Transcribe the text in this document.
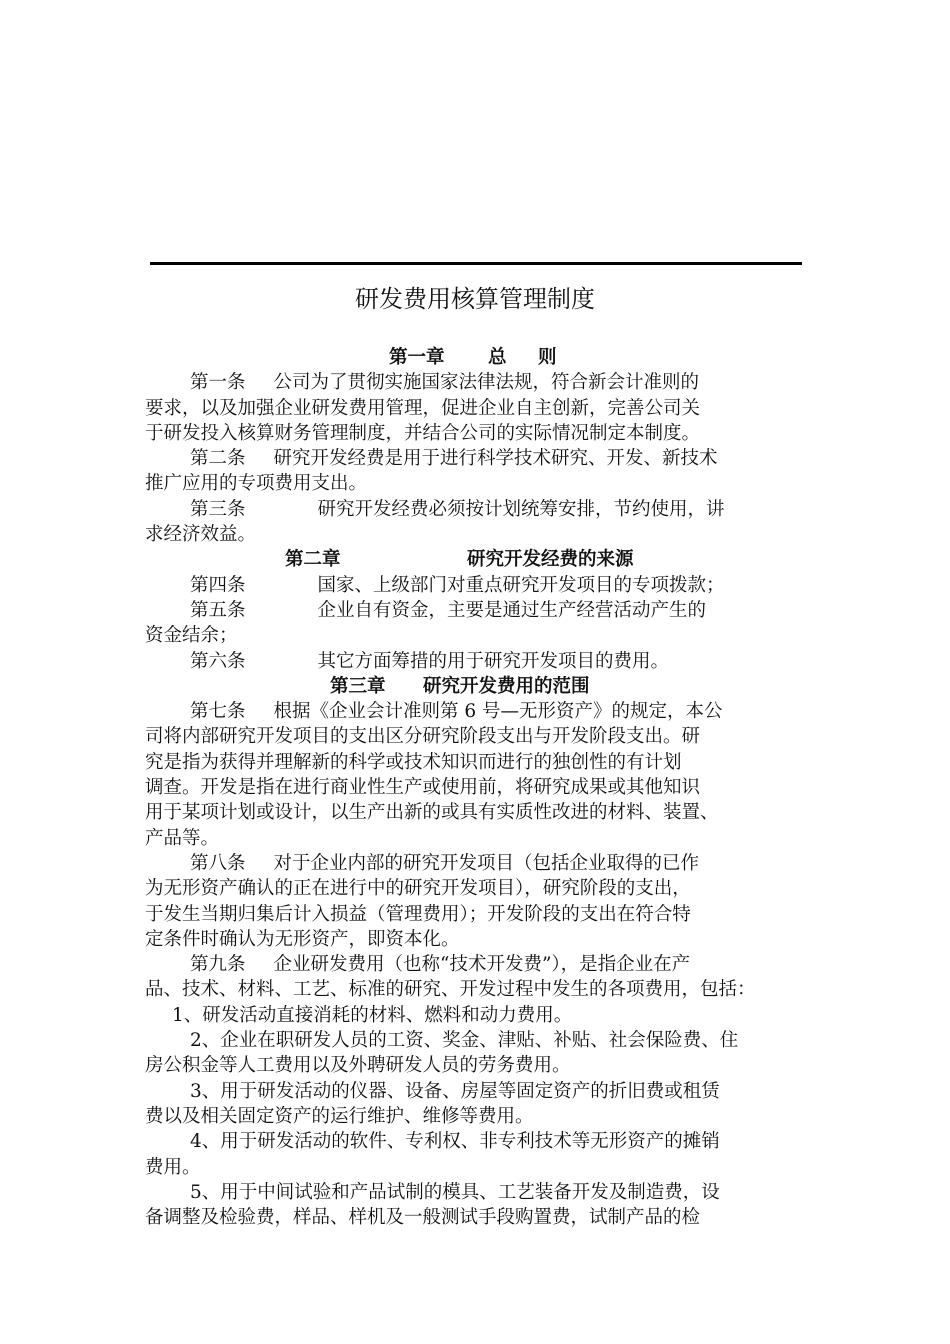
研发费用核算管理制度
第一章 总 则

第一条 公司为了贯彻实施国家法律法规，符合新会计准则的
要求，以及加强企业研发费用管理，促进企业自主创新，完善公司关
于研发投入核算财务管理制度，并结合公司的实际情况制定本制度。

第二条 研究开发经费是用于进行科学技术研究、开发、新技术
推广应用的专项费用支出。

第三条	研究开发经费必须按计划统筹安排，节约使用，讲
求经济效益。

第二章	研究开发经费的来源

第四条	国家、上级部门对重点研究开发项目的专项拨款；

第五条	企业自有资金，主要是通过生产经营活动产生的
资金结余；

第六条	其它方面筹措的用于研究开发项目的费用。

第三章 研究开发费用的范围

第七条 根据《企业会计准则第 6 号—无形资产》的规定，本公
司将内部研究开发项目的支出区分研究阶段支出与开发阶段支出。研
究是指为获得并理解新的科学或技术知识而进行的独创性的有计划
调查。开发是指在进行商业性生产或使用前，将研究成果或其他知识
用于某项计划或设计，以生产出新的或具有实质性改进的材料、装置、
产品等。

第八条 对于企业内部的研究开发项目（包括企业取得的已作
为无形资产确认的正在进行中的研究开发项目），研究阶段的支出，
于发生当期归集后计入损益（管理费用）；开发阶段的支出在符合特
定条件时确认为无形资产，即资本化。

第九条 企业研发费用（也称“技术开发费”），是指企业在产
品、技术、材料、工艺、标准的研究、开发过程中发生的各项费用，包括：

1、研发活动直接消耗的材料、燃料和动力费用。

2、企业在职研发人员的工资、奖金、津贴、补贴、社会保险费、住
房公积金等人工费用以及外聘研发人员的劳务费用。

3、用于研发活动的仪器、设备、房屋等固定资产的折旧费或租赁
费以及相关固定资产的运行维护、维修等费用。

4、用于研发活动的软件、专利权、非专利技术等无形资产的摊销
费用。

5、用于中间试验和产品试制的模具、工艺装备开发及制造费，设
备调整及检验费，样品、样机及一般测试手段购置费，试制产品的检
